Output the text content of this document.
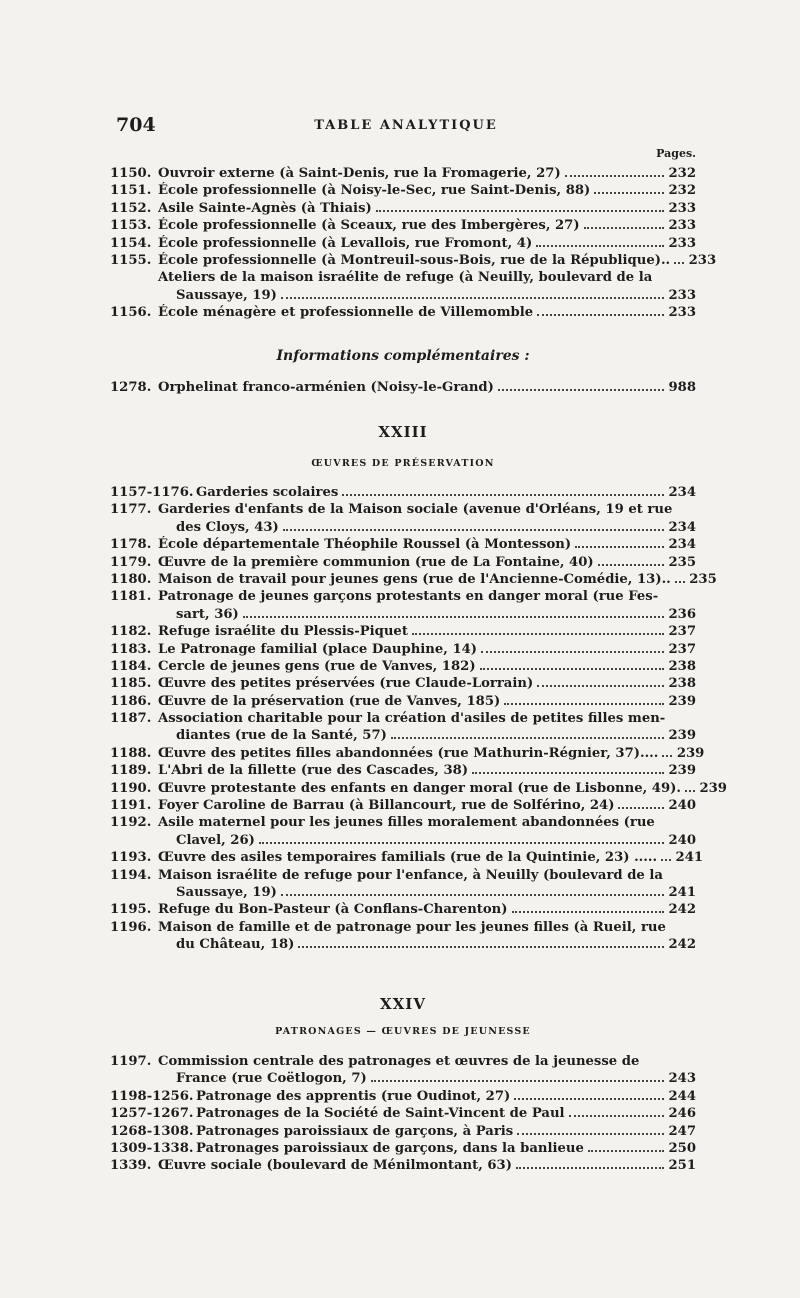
704	TABLE ANALYTIQUE
Pages.
1150. Ouvroir externe (à Saint-Denis, rue la Fromagerie, 27)	232
1151. École professionnelle (à Noisy-le-Sec, rue Saint-Denis, 88)	232
1152. Asile Sainte-Agnès (à Thiais)	233
1153. École professionnelle (à Sceaux, rue des Imbergères, 27)	233
1154. École professionnelle (à Levallois, rue Fromont, 4)	233
1155. École professionnelle (à Montreuil-sous-Bois, rue de la République).. 233
Ateliers de la maison israélite de refuge (à Neuilly, boulevard de la
Saussaye, 19)	233
1156. École ménagère et professionnelle de Villemomble	233
Informations complémentaires :
1278. Orphelinat franco-arménien (Noisy-le-Grand)	988
XXIII
ŒUVRES DE PRÉSERVATION
1157-1176. Garderies scolaires	234
1177. Garderies d'enfants de la Maison sociale (avenue d'Orléans, 19 et rue
des Cloys, 43)	234
1178. École départementale Théophile Roussel (à Montesson)	234
1179. Œuvre de la première communion (rue de La Fontaine, 40)	235
1180. Maison de travail pour jeunes gens (rue de l'Ancienne-Comédie, 13).. 235
1181. Patronage de jeunes garçons protestants en danger moral (rue Fes-
sart, 36)	236
1182. Refuge israélite du Plessis-Piquet	237
1183. Le Patronage familial (place Dauphine, 14)	237
1184. Cercle de jeunes gens (rue de Vanves, 182)	238
1185. Œuvre des petites préservées (rue Claude-Lorrain)	238
1186. Œuvre de la préservation (rue de Vanves, 185)	239
1187. Association charitable pour la création d'asiles de petites filles men-
diantes (rue de la Santé, 57)	239
1188. Œuvre des petites filles abandonnées (rue Mathurin-Régnier, 37).... 239
1189. L'Abri de la fillette (rue des Cascades, 38)	239
1190. Œuvre protestante des enfants en danger moral (rue de Lisbonne, 49). 239
1191. Foyer Caroline de Barrau (à Billancourt, rue de Solférino, 24)	240
1192. Asile maternel pour les jeunes filles moralement abandonnées (rue
Clavel, 26)	240
1193. Œuvre des asiles temporaires familials (rue de la Quintinie, 23) ..... 241
1194. Maison israélite de refuge pour l'enfance, à Neuilly (boulevard de la
Saussaye, 19)	241
1195. Refuge du Bon-Pasteur (à Conflans-Charenton)	242
1196. Maison de famille et de patronage pour les jeunes filles (à Rueil, rue
du Château, 18)	242
XXIV
PATRONAGES — ŒUVRES DE JEUNESSE
1197. Commission centrale des patronages et œuvres de la jeunesse de
France (rue Coëtlogon, 7)	243
1198-1256. Patronage des apprentis (rue Oudinot, 27)	244
1257-1267. Patronages de la Société de Saint-Vincent de Paul	246
1268-1308. Patronages paroissiaux de garçons, à Paris	247
1309-1338. Patronages paroissiaux de garçons, dans la banlieue	250
1339. Œuvre sociale (boulevard de Ménilmontant, 63)	251
